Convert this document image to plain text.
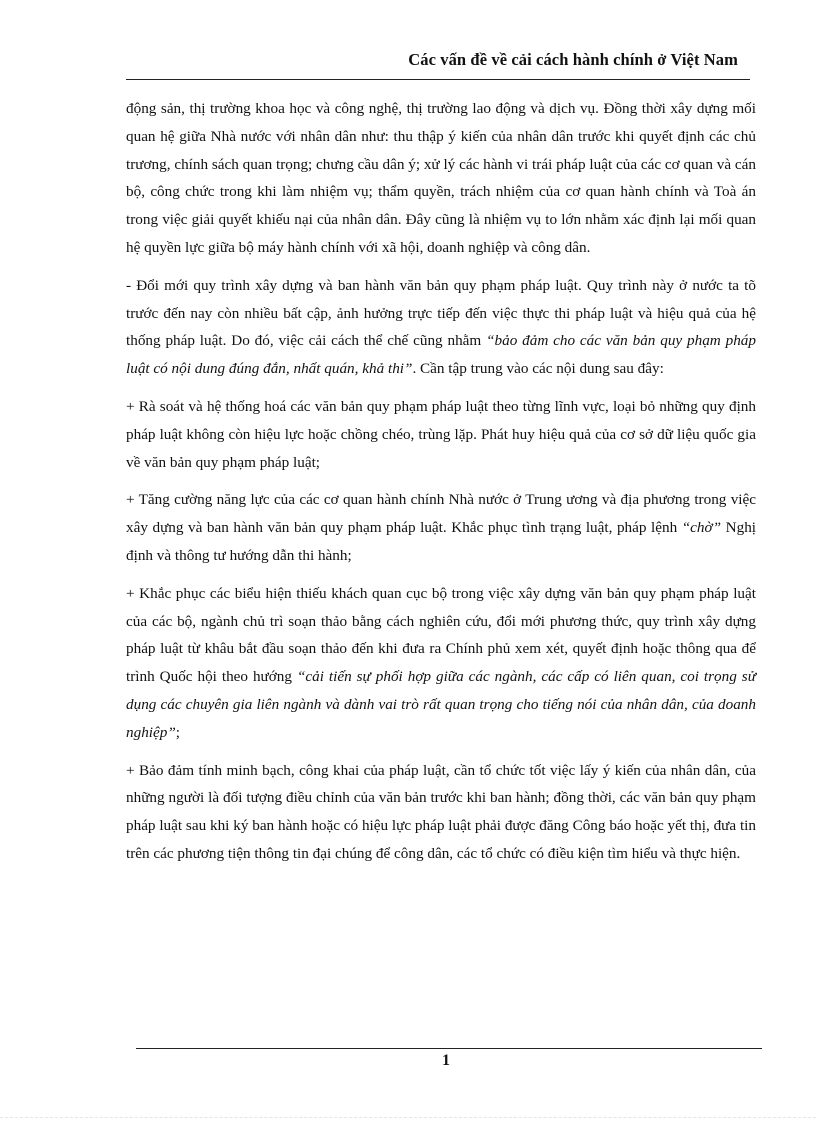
Các vấn đề về cải cách hành chính ở Việt Nam

động sản, thị trường khoa học và công nghệ, thị trường lao động và dịch vụ. Đồng thời xây dựng mối quan hệ giữa Nhà nước với nhân dân như: thu thập ý kiến của nhân dân trước khi quyết định các chủ trương, chính sách quan trọng; chưng cầu dân ý; xử lý các hành vi trái pháp luật của các cơ quan và cán bộ, công chức trong khi làm nhiệm vụ; thẩm quyền, trách nhiệm của cơ quan hành chính và Toà án trong việc giải quyết khiếu nại của nhân dân. Đây cũng là nhiệm vụ to lớn nhằm xác định lại mối quan hệ quyền lực giữa bộ máy hành chính với xã hội, doanh nghiệp và công dân.

- Đổi mới quy trình xây dựng và ban hành văn bản quy phạm pháp luật. Quy trình này ở nước ta tõ trước đến nay còn nhiều bất cập, ảnh hưởng trực tiếp đến việc thực thi pháp luật và hiệu quả của hệ thống pháp luật. Do đó, việc cải cách thể chế cũng nhằm “bảo đảm cho các văn bản quy phạm pháp luật có nội dung đúng đắn, nhất quán, khả thi”. Cần tập trung vào các nội dung sau đây:

+ Rà soát và hệ thống hoá các văn bản quy phạm pháp luật theo từng lĩnh vực, loại bỏ những quy định pháp luật không còn hiệu lực hoặc chồng chéo, trùng lặp. Phát huy hiệu quả của cơ sở dữ liệu quốc gia về văn bản quy phạm pháp luật;

+ Tăng cường năng lực của các cơ quan hành chính Nhà nước ở Trung ương và địa phương trong việc xây dựng và ban hành văn bản quy phạm pháp luật. Khắc phục tình trạng luật, pháp lệnh “chờ” Nghị định và thông tư hướng dẫn thi hành;

+ Khắc phục các biểu hiện thiếu khách quan cục bộ trong việc xây dựng văn bản quy phạm pháp luật của các bộ, ngành chủ trì soạn thảo bằng cách nghiên cứu, đổi mới phương thức, quy trình xây dựng pháp luật từ khâu bắt đầu soạn thảo đến khi đưa ra Chính phủ xem xét, quyết định hoặc thông qua để trình Quốc hội theo hướng “cải tiến sự phối hợp giữa các ngành, các cấp có liên quan, coi trọng sử dụng các chuyên gia liên ngành và dành vai trò rất quan trọng cho tiếng nói của nhân dân, của doanh nghiệp”;

+ Bảo đảm tính minh bạch, công khai của pháp luật, cần tổ chức tốt việc lấy ý kiến của nhân dân, của những người là đối tượng điều chỉnh của văn bản trước khi ban hành; đồng thời, các văn bản quy phạm pháp luật sau khi ký ban hành hoặc có hiệu lực pháp luật phải được đăng Công báo hoặc yết thị, đưa tin trên các phương tiện thông tin đại chúng để công dân, các tổ chức có điều kiện tìm hiểu và thực hiện.

1
